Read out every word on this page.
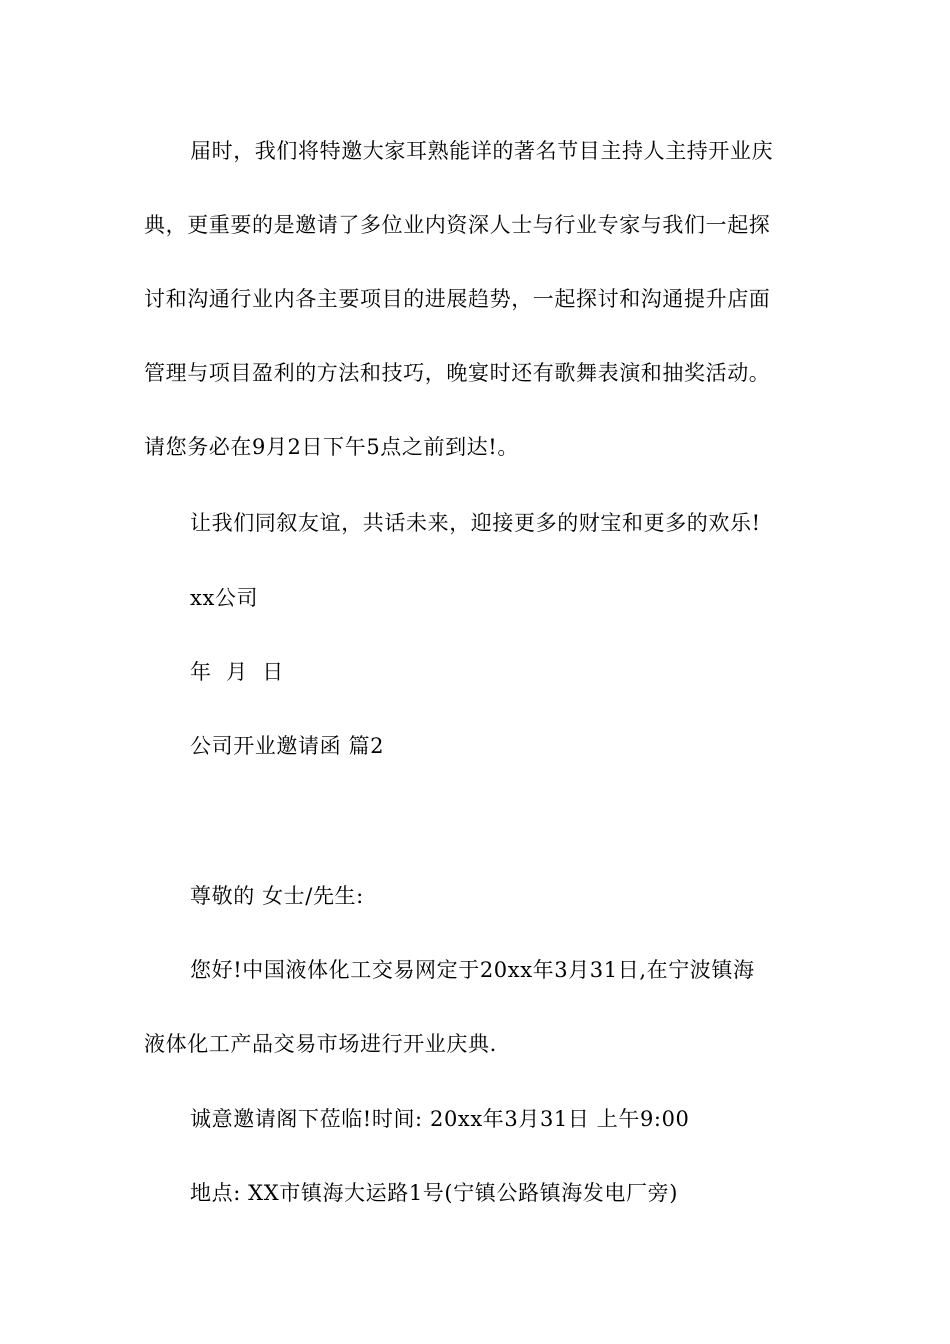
届时，我们将特邀大家耳熟能详的著名节目主持人主持开业庆
典，更重要的是邀请了多位业内资深人士与行业专家与我们一起探
讨和沟通行业内各主要项目的进展趋势，一起探讨和沟通提升店面
管理与项目盈利的方法和技巧，晚宴时还有歌舞表演和抽奖活动。
请您务必在9月2日下午5点之前到达!。
让我们同叙友谊，共话未来，迎接更多的财宝和更多的欢乐!
xx公司
年  月  日
公司开业邀请函 篇2
尊敬的 女士/先生:
您好!中国液体化工交易网定于20xx年3月31日,在宁波镇海
液体化工产品交易市场进行开业庆典.
诚意邀请阁下莅临!时间: 20xx年3月31日 上午9:00
地点: XX市镇海大运路1号(宁镇公路镇海发电厂旁)
